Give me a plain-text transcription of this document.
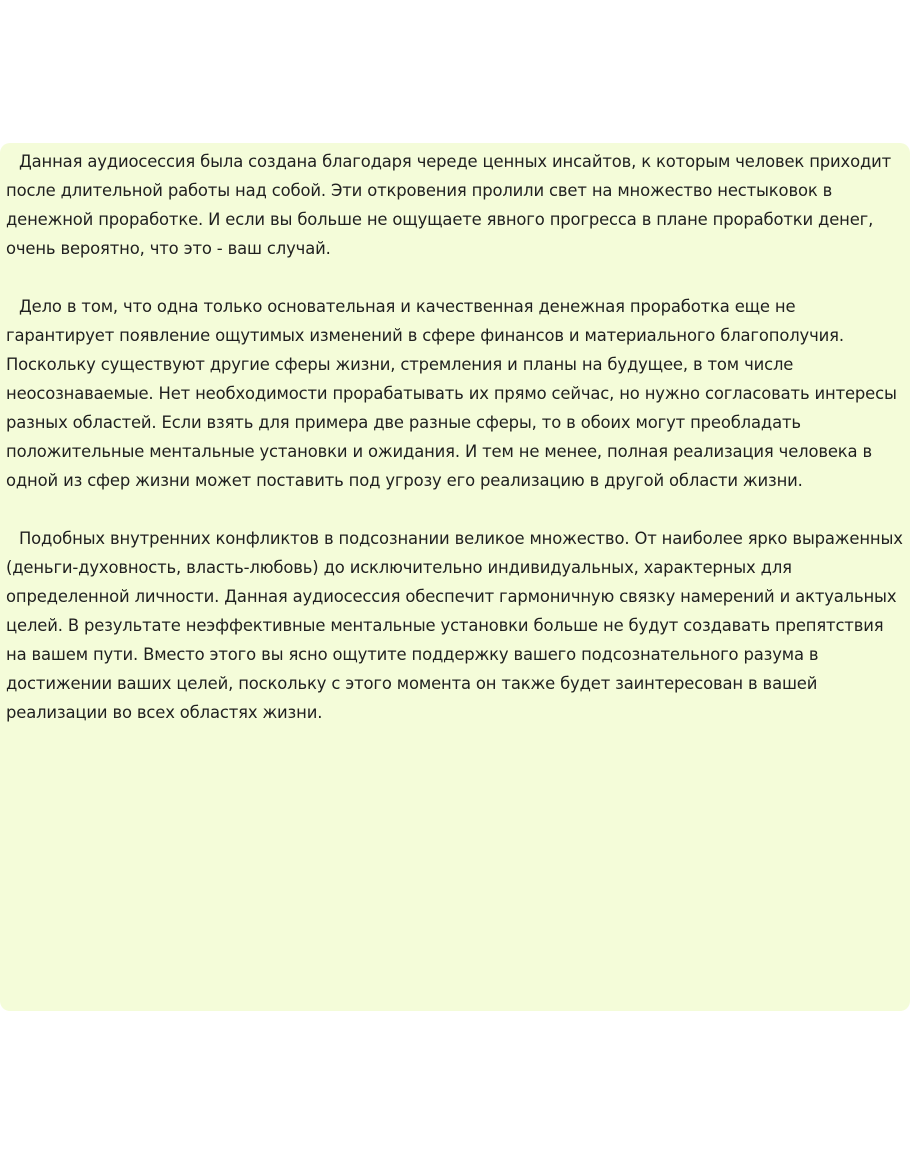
Данная аудиосессия была создана благодаря череде ценных инсайтов, к которым человек приходит после длительной работы над собой. Эти откровения пролили свет на множество нестыковок в денежной проработке. И если вы больше не ощущаете явного прогресса в плане проработки денег, очень вероятно, что это - ваш случай.

Дело в том, что одна только основательная и качественная денежная проработка еще не гарантирует появление ощутимых изменений в сфере финансов и материального благополучия. Поскольку существуют другие сферы жизни, стремления и планы на будущее, в том числе неосознаваемые. Нет необходимости прорабатывать их прямо сейчас, но нужно согласовать интересы разных областей. Если взять для примера две разные сферы, то в обоих могут преобладать положительные ментальные установки и ожидания. И тем не менее, полная реализация человека в одной из сфер жизни может поставить под угрозу его реализацию в другой области жизни.

Подобных внутренних конфликтов в подсознании великое множество. От наиболее ярко выраженных (деньги-духовность, власть-любовь) до исключительно индивидуальных, характерных для определенной личности. Данная аудиосессия обеспечит гармоничную связку намерений и актуальных целей. В результате неэффективные ментальные установки больше не будут создавать препятствия на вашем пути. Вместо этого вы ясно ощутите поддержку вашего подсознательного разума в достижении ваших целей, поскольку с этого момента он также будет заинтересован в вашей реализации во всех областях жизни.
